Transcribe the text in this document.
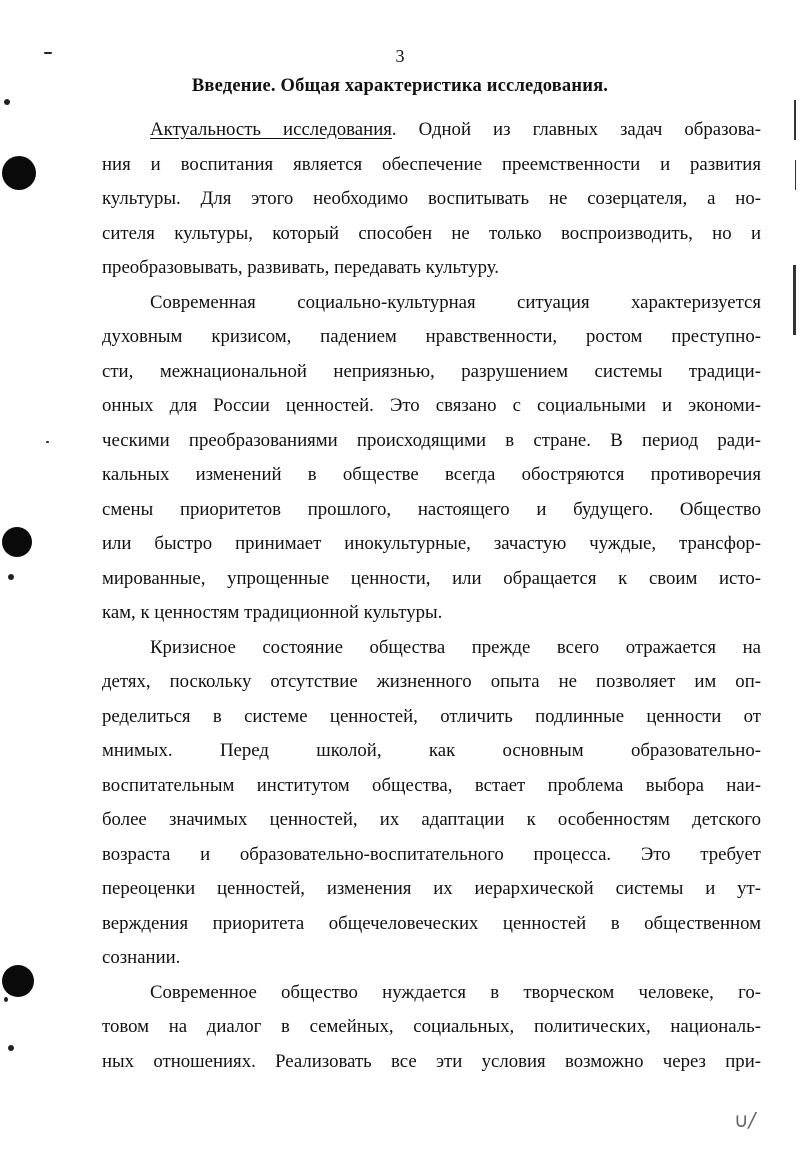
3
Введение. Общая характеристика исследования.
Актуальность исследования. Одной из главных задач образова-
ния и воспитания является обеспечение преемственности и развития
культуры. Для этого необходимо воспитывать не созерцателя, а но-
сителя культуры, который способен не только воспроизводить, но и
преобразовывать, развивать, передавать культуру.
Современная социально-культурная ситуация характеризуется
духовным кризисом, падением нравственности, ростом преступно-
сти, межнациональной неприязнью, разрушением системы традици-
онных для России ценностей. Это связано с социальными и экономи-
ческими преобразованиями происходящими в стране. В период ради-
кальных изменений в обществе всегда обостряются противоречия
смены приоритетов прошлого, настоящего и будущего. Общество
или быстро принимает инокультурные, зачастую чуждые, трансфор-
мированные, упрощенные ценности, или обращается к своим исто-
кам, к ценностям традиционной культуры.
Кризисное состояние общества прежде всего отражается на
детях, поскольку отсутствие жизненного опыта не позволяет им оп-
ределиться в системе ценностей, отличить подлинные ценности от
мнимых. Перед школой, как основным образовательно-
воспитательным институтом общества, встает проблема выбора наи-
более значимых ценностей, их адаптации к особенностям детского
возраста и образовательно-воспитательного процесса. Это требует
переоценки ценностей, изменения их иерархической системы и ут-
верждения приоритета общечеловеческих ценностей в общественном
сознании.
Современное общество нуждается в творческом человеке, го-
товом на диалог в семейных, социальных, политических, националь-
ных отношениях. Реализовать все эти условия возможно через при-
∪/
